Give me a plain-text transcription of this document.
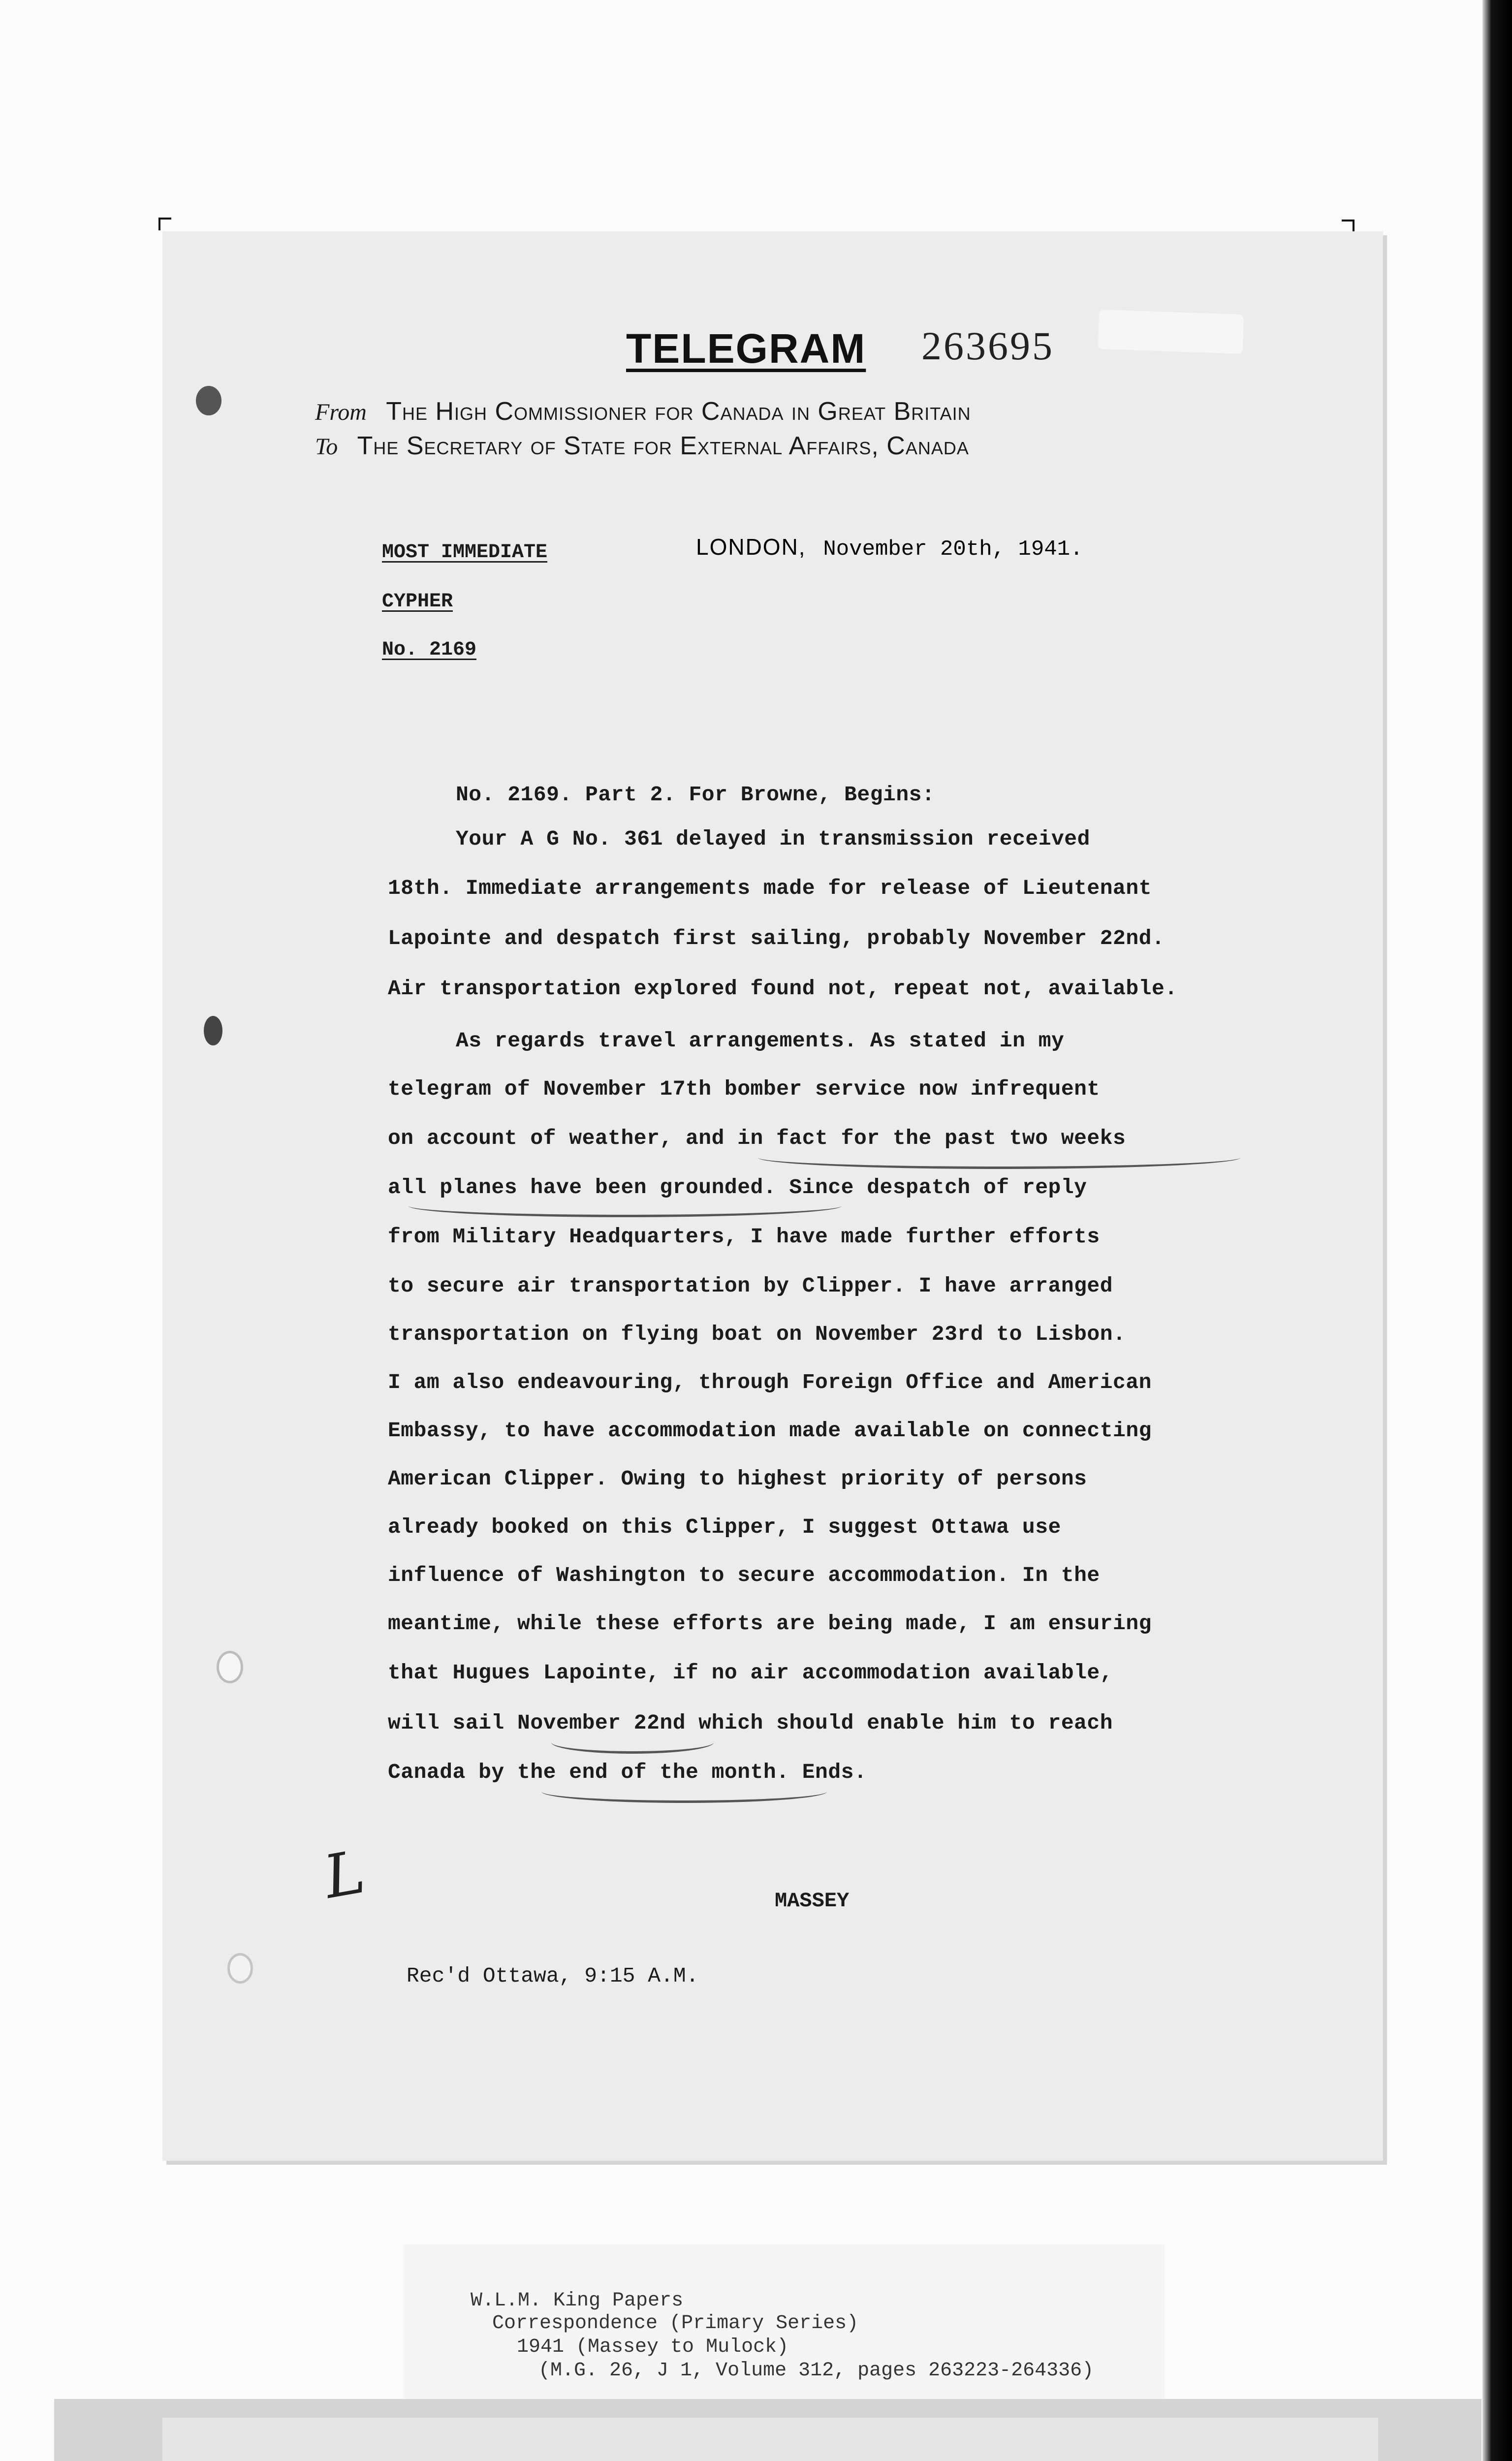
TELEGRAM 263695
From The High Commissioner for Canada in Great Britain
To The Secretary of State for External Affairs, Canada
MOST IMMEDIATE
CYPHER
No. 2169
LONDON, November 20th, 1941.
No. 2169. Part 2. For Browne, Begins:
Your A G No. 361 delayed in transmission received
18th. Immediate arrangements made for release of Lieutenant
Lapointe and despatch first sailing, probably November 22nd.
Air transportation explored found not, repeat not, available.
As regards travel arrangements. As stated in my
telegram of November 17th bomber service now infrequent
on account of weather, and in fact for the past two weeks
all planes have been grounded. Since despatch of reply
from Military Headquarters, I have made further efforts
to secure air transportation by Clipper. I have arranged
transportation on flying boat on November 23rd to Lisbon.
I am also endeavouring, through Foreign Office and American
Embassy, to have accommodation made available on connecting
American Clipper. Owing to highest priority of persons
already booked on this Clipper, I suggest Ottawa use
influence of Washington to secure accommodation. In the
meantime, while these efforts are being made, I am ensuring
that Hugues Lapointe, if no air accommodation available,
will sail November 22nd which should enable him to reach
Canada by the end of the month. Ends.
L	MASSEY
Rec'd Ottawa, 9:15 A.M.
W.L.M. King Papers
Correspondence (Primary Series)
1941 (Massey to Mulock)
(M.G. 26, J 1, Volume 312, pages 263223-264336)
